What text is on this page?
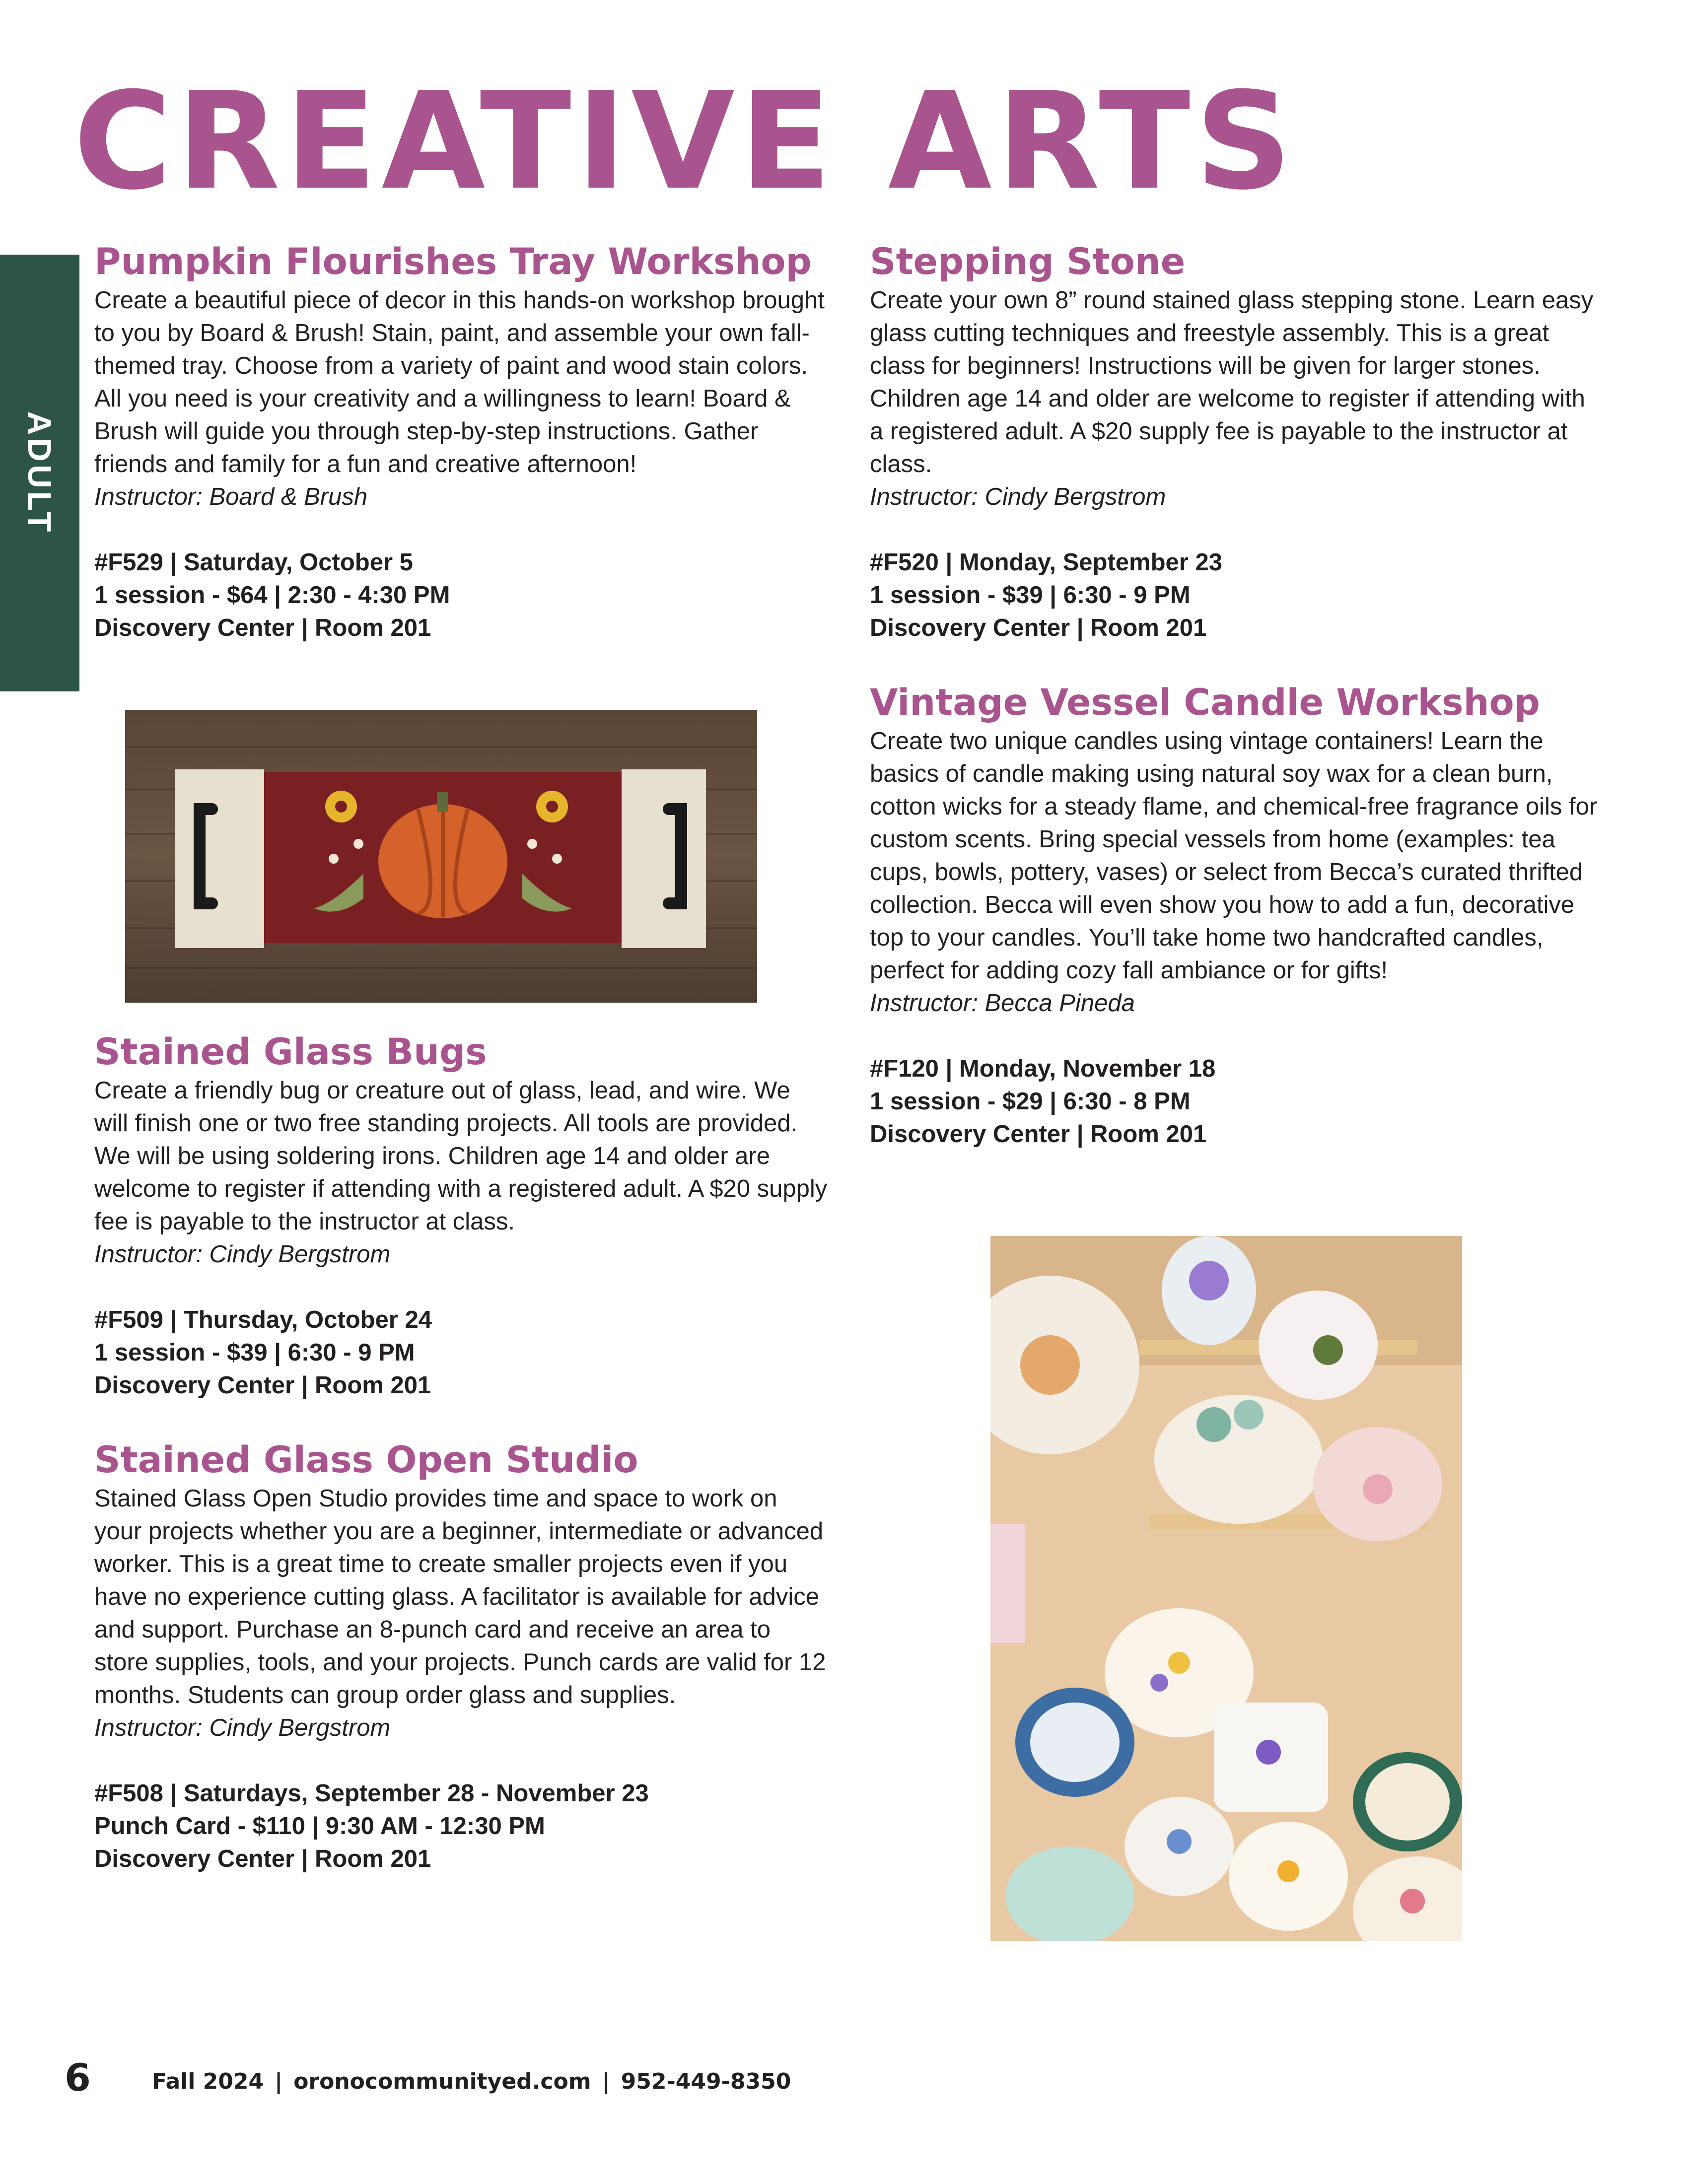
CREATIVE ARTS
ADULT
Pumpkin Flourishes Tray Workshop
Create a beautiful piece of decor in this hands-on workshop brought to you by Board & Brush! Stain, paint, and assemble your own fall-themed tray. Choose from a variety of paint and wood stain colors. All you need is your creativity and a willingness to learn! Board & Brush will guide you through step-by-step instructions. Gather friends and family for a fun and creative afternoon!
Instructor: Board & Brush
#F529 | Saturday, October 5
1 session - $64 | 2:30 - 4:30 PM
Discovery Center | Room 201
Stained Glass Bugs
Create a friendly bug or creature out of glass, lead, and wire. We will finish one or two free standing projects. All tools are provided. We will be using soldering irons. Children age 14 and older are welcome to register if attending with a registered adult. A $20 supply fee is payable to the instructor at class.
Instructor: Cindy Bergstrom
#F509 | Thursday, October 24
1 session - $39 | 6:30 - 9 PM
Discovery Center | Room 201
Stained Glass Open Studio
Stained Glass Open Studio provides time and space to work on your projects whether you are a beginner, intermediate or advanced worker. This is a great time to create smaller projects even if you have no experience cutting glass. A facilitator is available for advice and support. Purchase an 8-punch card and receive an area to store supplies, tools, and your projects. Punch cards are valid for 12 months. Students can group order glass and supplies.
Instructor: Cindy Bergstrom
#F508 | Saturdays, September 28 - November 23
Punch Card - $110 | 9:30 AM - 12:30 PM
Discovery Center | Room 201
Stepping Stone
Create your own 8” round stained glass stepping stone. Learn easy glass cutting techniques and freestyle assembly. This is a great class for beginners! Instructions will be given for larger stones. Children age 14 and older are welcome to register if attending with a registered adult. A $20 supply fee is payable to the instructor at class.
Instructor: Cindy Bergstrom
#F520 | Monday, September 23
1 session - $39 | 6:30 - 9 PM
Discovery Center | Room 201
Vintage Vessel Candle Workshop
Create two unique candles using vintage containers! Learn the basics of candle making using natural soy wax for a clean burn, cotton wicks for a steady flame, and chemical-free fragrance oils for custom scents. Bring special vessels from home (examples: tea cups, bowls, pottery, vases) or select from Becca’s curated thrifted collection. Becca will even show you how to add a fun, decorative top to your candles. You’ll take home two handcrafted candles, perfect for adding cozy fall ambiance or for gifts!
Instructor: Becca Pineda
#F120 | Monday, November 18
1 session - $29 | 6:30 - 8 PM
Discovery Center | Room 201
6	Fall 2024 | oronocommunityed.com | 952-449-8350
